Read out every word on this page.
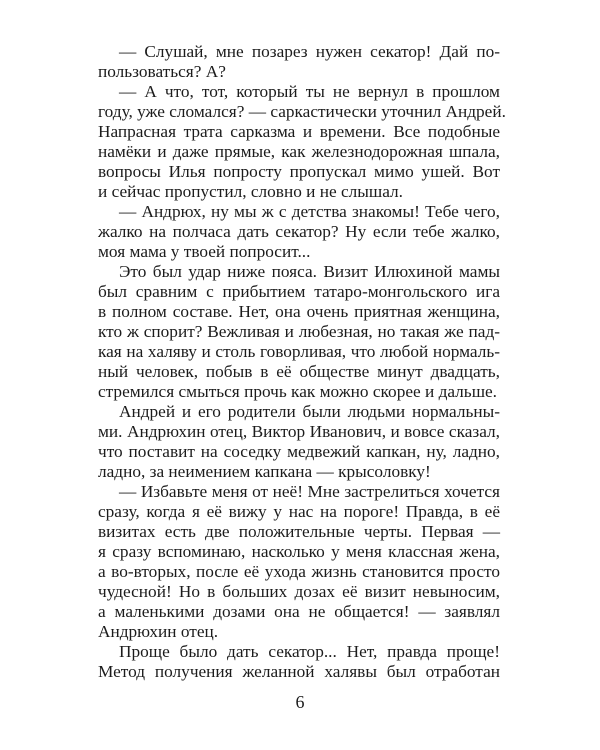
— Слушай, мне позарез нужен секатор! Дай по-
пользоваться? А?
— А что, тот, который ты не вернул в прошлом
году, уже сломался? — саркастически уточнил Андрей.
Напрасная трата сарказма и времени. Все подобные
намёки и даже прямые, как железнодорожная шпала,
вопросы Илья попросту пропускал мимо ушей. Вот
и сейчас пропустил, словно и не слышал.
— Андрюх, ну мы ж с детства знакомы! Тебе чего,
жалко на полчаса дать секатор? Ну если тебе жалко,
моя мама у твоей попросит...
Это был удар ниже пояса. Визит Илюхиной мамы
был сравним с прибытием татаро-монгольского ига
в полном составе. Нет, она очень приятная женщина,
кто ж спорит? Вежливая и любезная, но такая же пад-
кая на халяву и столь говорливая, что любой нормаль-
ный человек, побыв в её обществе минут двадцать,
стремился смыться прочь как можно скорее и дальше.
Андрей и его родители были людьми нормальны-
ми. Андрюхин отец, Виктор Иванович, и вовсе сказал,
что поставит на соседку медвежий капкан, ну, ладно,
ладно, за неимением капкана — крысоловку!
— Избавьте меня от неё! Мне застрелиться хочется
сразу, когда я её вижу у нас на пороге! Правда, в её
визитах есть две положительные черты. Первая —
я сразу вспоминаю, насколько у меня классная жена,
а во-вторых, после её ухода жизнь становится просто
чудесной! Но в больших дозах её визит невыносим,
а маленькими дозами она не общается! — заявлял
Андрюхин отец.
Проще было дать секатор... Нет, правда проще!
Метод получения желанной халявы был отработан
6
